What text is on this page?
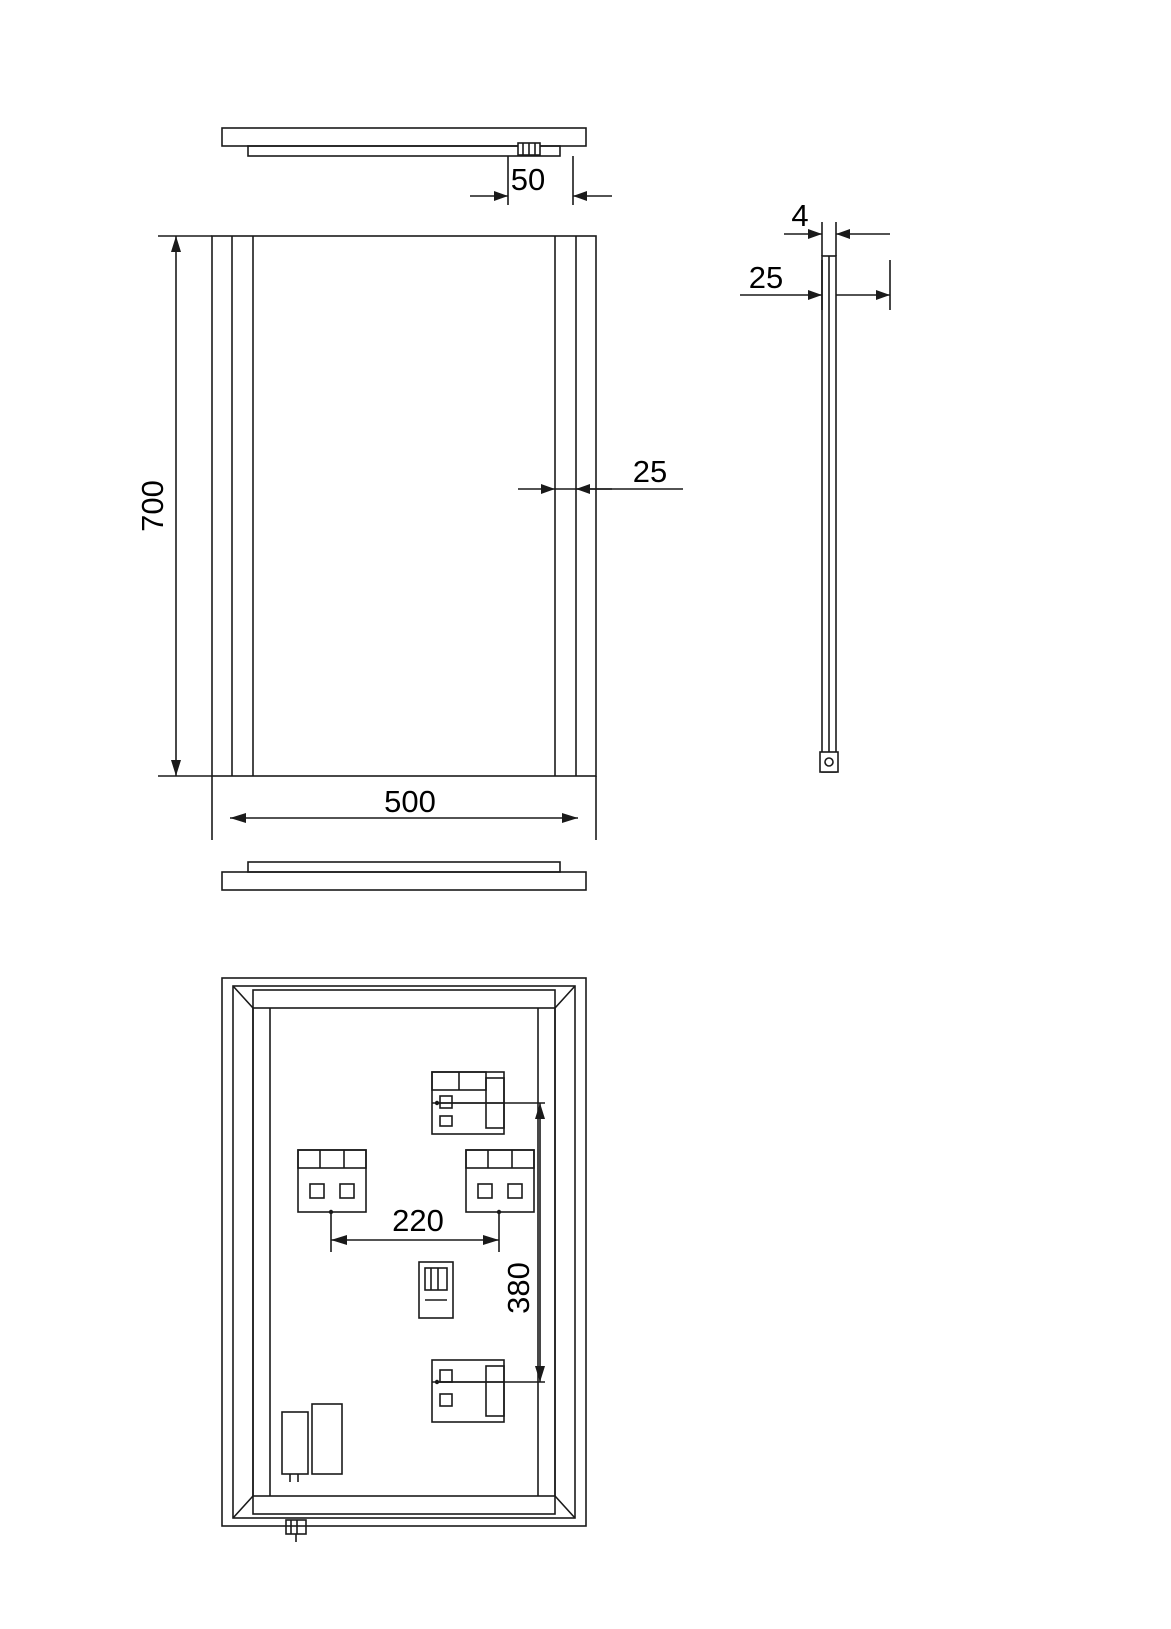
50
700
500
25
4
25
220
380
